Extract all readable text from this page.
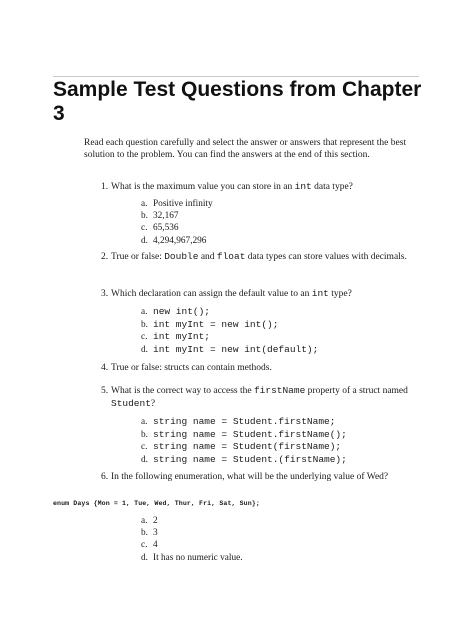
Sample Test Questions from Chapter 3
Read each question carefully and select the answer or answers that represent the best solution to the problem. You can find the answers at the end of this section.
1. What is the maximum value you can store in an int data type?
a. Positive infinity
b. 32,167
c. 65,536
d. 4,294,967,296
2. True or false: Double and float data types can store values with decimals.
3. Which declaration can assign the default value to an int type?
a. new int();
b. int myInt = new int();
c. int myInt;
d. int myInt = new int(default);
4. True or false: structs can contain methods.
5. What is the correct way to access the firstName property of a struct named Student?
a. string name = Student.firstName;
b. string name = Student.firstName();
c. string name = Student(firstName);
d. string name = Student.(firstName);
6. In the following enumeration, what will be the underlying value of Wed?
enum Days {Mon = 1, Tue, Wed, Thur, Fri, Sat, Sun};
a. 2
b. 3
c. 4
d. It has no numeric value.
